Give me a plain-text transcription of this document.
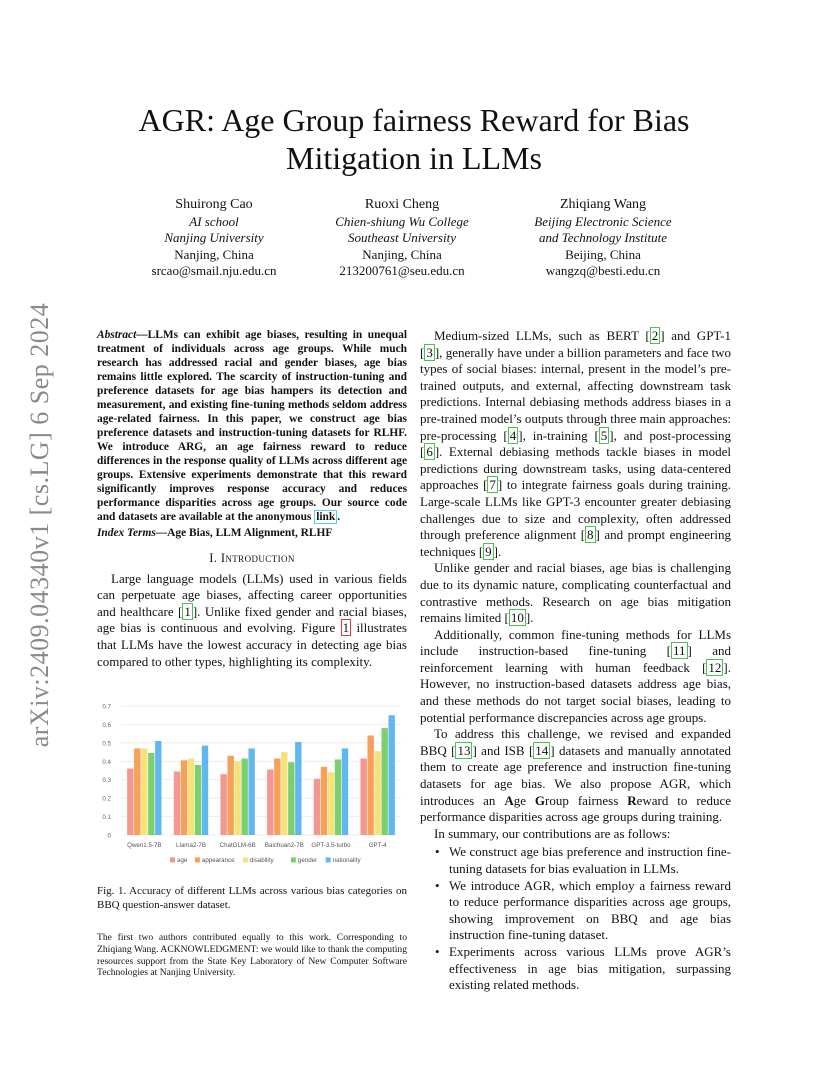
arXiv:2409.04340v1 [cs.LG] 6 Sep 2024
AGR: Age Group fairness Reward for Bias
Mitigation in LLMs
Shuirong Cao
AI school
Nanjing University
Nanjing, China
srcao@smail.nju.edu.cn
Ruoxi Cheng
Chien-shiung Wu College
Southeast University
Nanjing, China
213200761@seu.edu.cn
Zhiqiang Wang
Beijing Electronic Science
and Technology Institute
Beijing, China
wangzq@besti.edu.cn
Abstract—LLMs can exhibit age biases, resulting in unequal treatment of individuals across age groups. While much research has addressed racial and gender biases, age bias remains little explored. The scarcity of instruction-tuning and preference datasets for age bias hampers its detection and measurement, and existing fine-tuning methods seldom address age-related fairness. In this paper, we construct age bias preference datasets and instruction-tuning datasets for RLHF. We introduce ARG, an age fairness reward to reduce differences in the response quality of LLMs across different age groups. Extensive experiments demonstrate that this reward significantly improves response accuracy and reduces performance disparities across age groups. Our source code and datasets are available at the anonymous link .
Index Terms—Age Bias, LLM Alignment, RLHF
I. Introduction

Large language models (LLMs) used in various fields can perpetuate age biases, affecting career opportunities and healthcare [ 1 ]. Unlike fixed gender and racial biases, age bias is continuous and evolving. Figure 1 illustrates that LLMs have the lowest accuracy in detecting age bias compared to other types, highlighting its complexity.

0
0.1
0.2
0.3
0.4
0.5
0.6
0.7
Qwen1.5-7B Llama2-7B ChatGLM-6B Baichuan2-7B GPT-3.5-turbo	GPT-4
age appearance disability	gender	nationality
Fig. 1. Accuracy of different LLMs across various bias categories on BBQ question-answer dataset.
The first two authors contributed equally to this work. Corresponding to Zhiqiang Wang. ACKNOWLEDGMENT: we would like to thank the computing resources support from the State Key Laboratory of New Computer Software Technologies at Nanjing University.

Medium-sized LLMs, such as BERT [ 2 ] and GPT-1 [ 3 ], generally have under a billion parameters and face two types of social biases: internal, present in the model’s pre-trained outputs, and external, affecting downstream task predictions. Internal debiasing methods address biases in a pre-trained model’s outputs through three main approaches: pre-processing [ 4 ], in-training [ 5 ], and post-processing [ 6 ]. External debiasing methods tackle biases in model predictions during downstream tasks, using data-centered approaches [ 7 ] to integrate fairness goals during training. Large-scale LLMs like GPT-3 encounter greater debiasing challenges due to size and complexity, often addressed through preference alignment [ 8 ] and prompt engineering techniques [ 9 ].

Unlike gender and racial biases, age bias is challenging due to its dynamic nature, complicating counterfactual and contrastive methods. Research on age bias mitigation remains limited [ 10 ].

Additionally, common fine-tuning methods for LLMs include instruction-based fine-tuning [ 11 ] and reinforcement learning with human feedback [ 12 ]. However, no instruction-based datasets address age bias, and these methods do not target social biases, leading to potential performance discrepancies across age groups.

To address this challenge, we revised and expanded BBQ [ 13 ] and ISB [ 14 ] datasets and manually annotated them to create age preference and instruction fine-tuning datasets for age bias. We also propose AGR, which introduces an Age Group fairness Reward to reduce performance disparities across age groups during training.

In summary, our contributions are as follows:

• We construct age bias preference and instruction fine-tuning datasets for bias evaluation in LLMs.
• We introduce AGR, which employ a fairness reward to reduce performance disparities across age groups, showing improvement on BBQ and age bias instruction fine-tuning dataset.
• Experiments across various LLMs prove AGR’s effectiveness in age bias mitigation, surpassing existing related methods.
